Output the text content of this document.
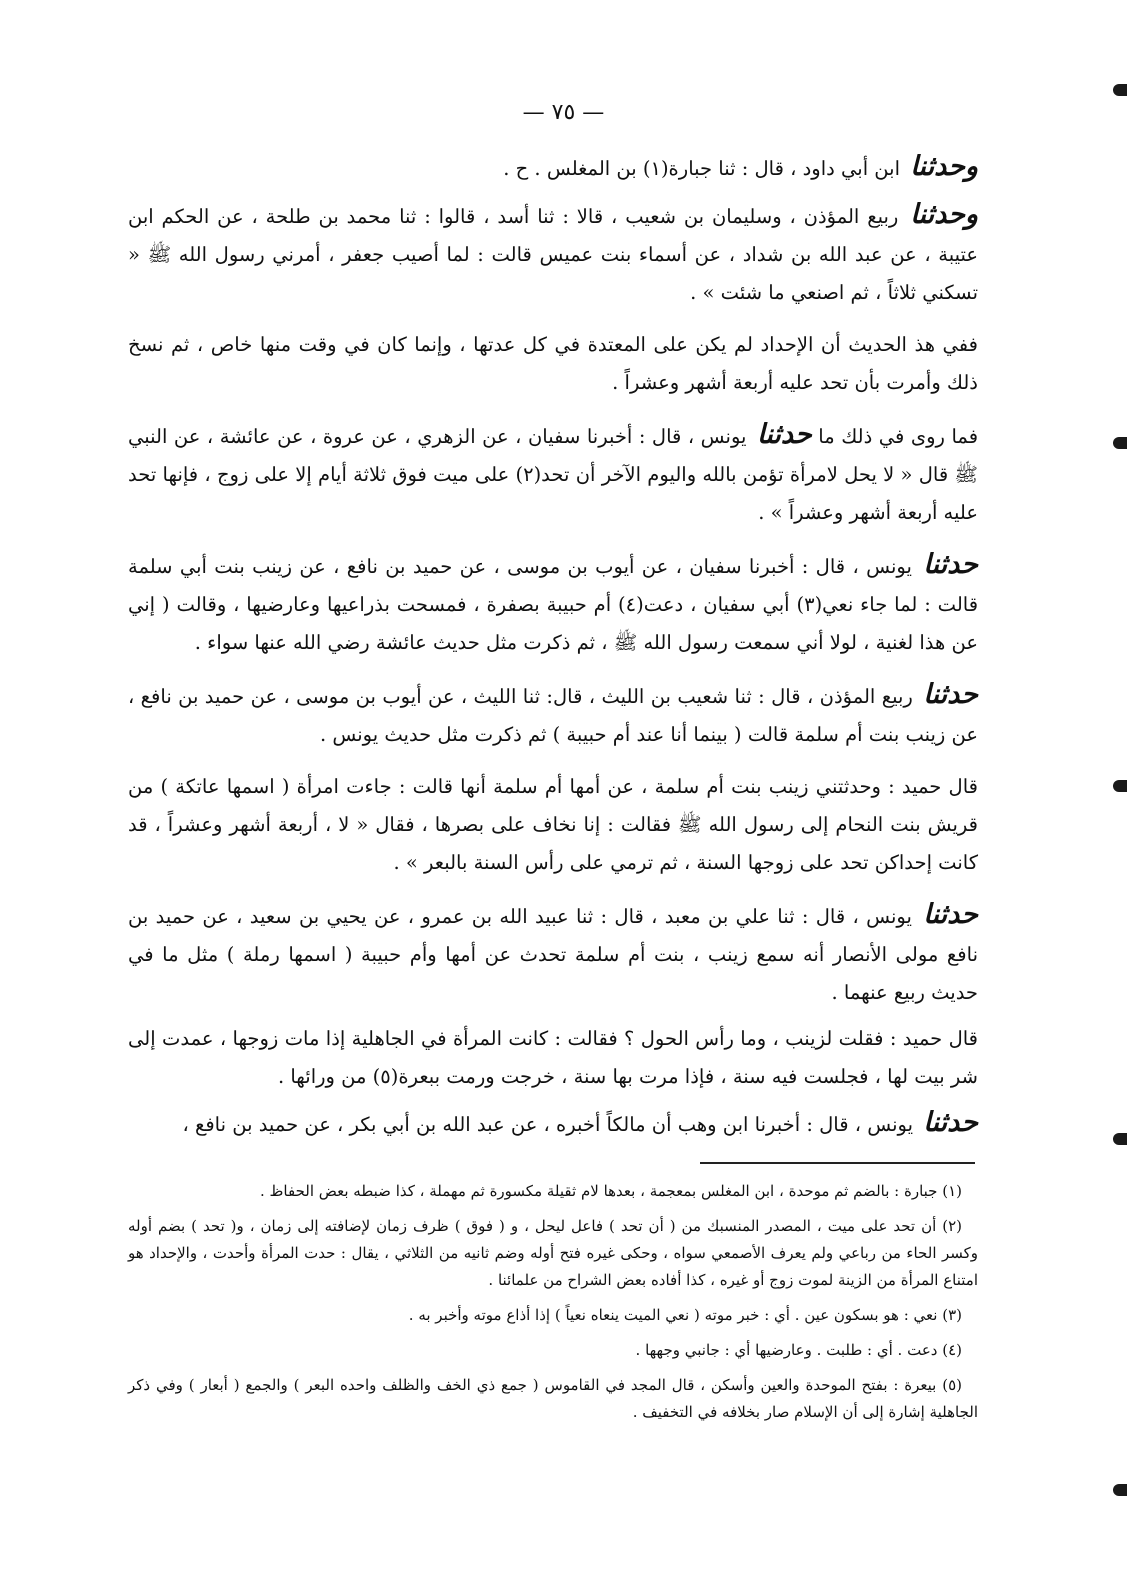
— ٧٥ —

وحدثنا ابن أبي داود ، قال : ثنا جبارة(١) بن المغلس . ح .

وحدثنا ربيع المؤذن ، وسليمان بن شعيب ، قالا : ثنا أسد ، قالوا : ثنا محمد بن طلحة ، عن الحكم ابن عتيبة ، عن عبد الله بن شداد ، عن أسماء بنت عميس قالت : لما أصيب جعفر ، أمرني رسول الله ﷺ « تسكني ثلاثاً ، ثم اصنعي ما شئت » .

ففي هذ الحديث أن الإحداد لم يكن على المعتدة في كل عدتها ، وإنما كان في وقت منها خاص ، ثم نسخ ذلك وأمرت بأن تحد عليه أربعة أشهر وعشراً .

فما روى في ذلك ما حدثنا يونس ، قال : أخبرنا سفيان ، عن الزهري ، عن عروة ، عن عائشة ، عن النبي ﷺ قال « لا يحل لامرأة تؤمن بالله واليوم الآخر أن تحد(٢) على ميت فوق ثلاثة أيام إلا على زوج ، فإنها تحد عليه أربعة أشهر وعشراً » .

حدثنا يونس ، قال : أخبرنا سفيان ، عن أيوب بن موسى ، عن حميد بن نافع ، عن زينب بنت أبي سلمة قالت : لما جاء نعي(٣) أبي سفيان ، دعت(٤) أم حبيبة بصفرة ، فمسحت بذراعيها وعارضيها ، وقالت ( إني عن هذا لغنية ، لولا أني سمعت رسول الله ﷺ ، ثم ذكرت مثل حديث عائشة رضي الله عنها سواء .

حدثنا ربيع المؤذن ، قال : ثنا شعيب بن الليث ، قال: ثنا الليث ، عن أيوب بن موسى ، عن حميد بن نافع ، عن زينب بنت أم سلمة قالت ( بينما أنا عند أم حبيبة ) ثم ذكرت مثل حديث يونس .

قال حميد : وحدثتني زينب بنت أم سلمة ، عن أمها أم سلمة أنها قالت : جاءت امرأة ( اسمها عاتكة ) من قريش بنت النحام إلى رسول الله ﷺ فقالت : إنا نخاف على بصرها ، فقال « لا ، أربعة أشهر وعشراً ، قد كانت إحداكن تحد على زوجها السنة ، ثم ترمي على رأس السنة بالبعر » .

حدثنا يونس ، قال : ثنا علي بن معبد ، قال : ثنا عبيد الله بن عمرو ، عن يحيي بن سعيد ، عن حميد بن نافع مولى الأنصار أنه سمع زينب ، بنت أم سلمة تحدث عن أمها وأم حبيبة ( اسمها رملة ) مثل ما في حديث ربيع عنهما .

قال حميد : فقلت لزينب ، وما رأس الحول ؟ فقالت : كانت المرأة في الجاهلية إذا مات زوجها ، عمدت إلى شر بيت لها ، فجلست فيه سنة ، فإذا مرت بها سنة ، خرجت ورمت ببعرة(٥) من ورائها .

حدثنا يونس ، قال : أخبرنا ابن وهب أن مالكاً أخبره ، عن عبد الله بن أبي بكر ، عن حميد بن نافع ،

(١) جبارة : بالضم ثم موحدة ، ابن المغلس بمعجمة ، بعدها لام ثقيلة مكسورة ثم مهملة ، كذا ضبطه بعض الحفاظ .

(٢) أن تحد على ميت ، المصدر المنسبك من ( أن تحد ) فاعل ليحل ، و ( فوق ) ظرف زمان لإضافته إلى زمان ، و( تحد ) بضم أوله وكسر الحاء من رباعي ولم يعرف الأصمعي سواه ، وحكى غيره فتح أوله وضم ثانيه من الثلاثي ، يقال : حدت المرأة وأحدت ، والإحداد هو امتناع المرأة من الزينة لموت زوج أو غيره ، كذا أفاده بعض الشراح من علمائنا .

(٣) نعي : هو بسكون عين . أي : خبر موته ( نعي الميت ينعاه نعياً ) إذا أذاع موته وأخبر به .

(٤) دعت . أي : طلبت . وعارضيها أي : جانبي وجهها .

(٥) بيعرة : بفتح الموحدة والعين وأسكن ، قال المجد في القاموس ( جمع ذي الخف والظلف واحده البعر ) والجمع ( أبعار ) وفي ذكر الجاهلية إشارة إلى أن الإسلام صار بخلافه في التخفيف .
